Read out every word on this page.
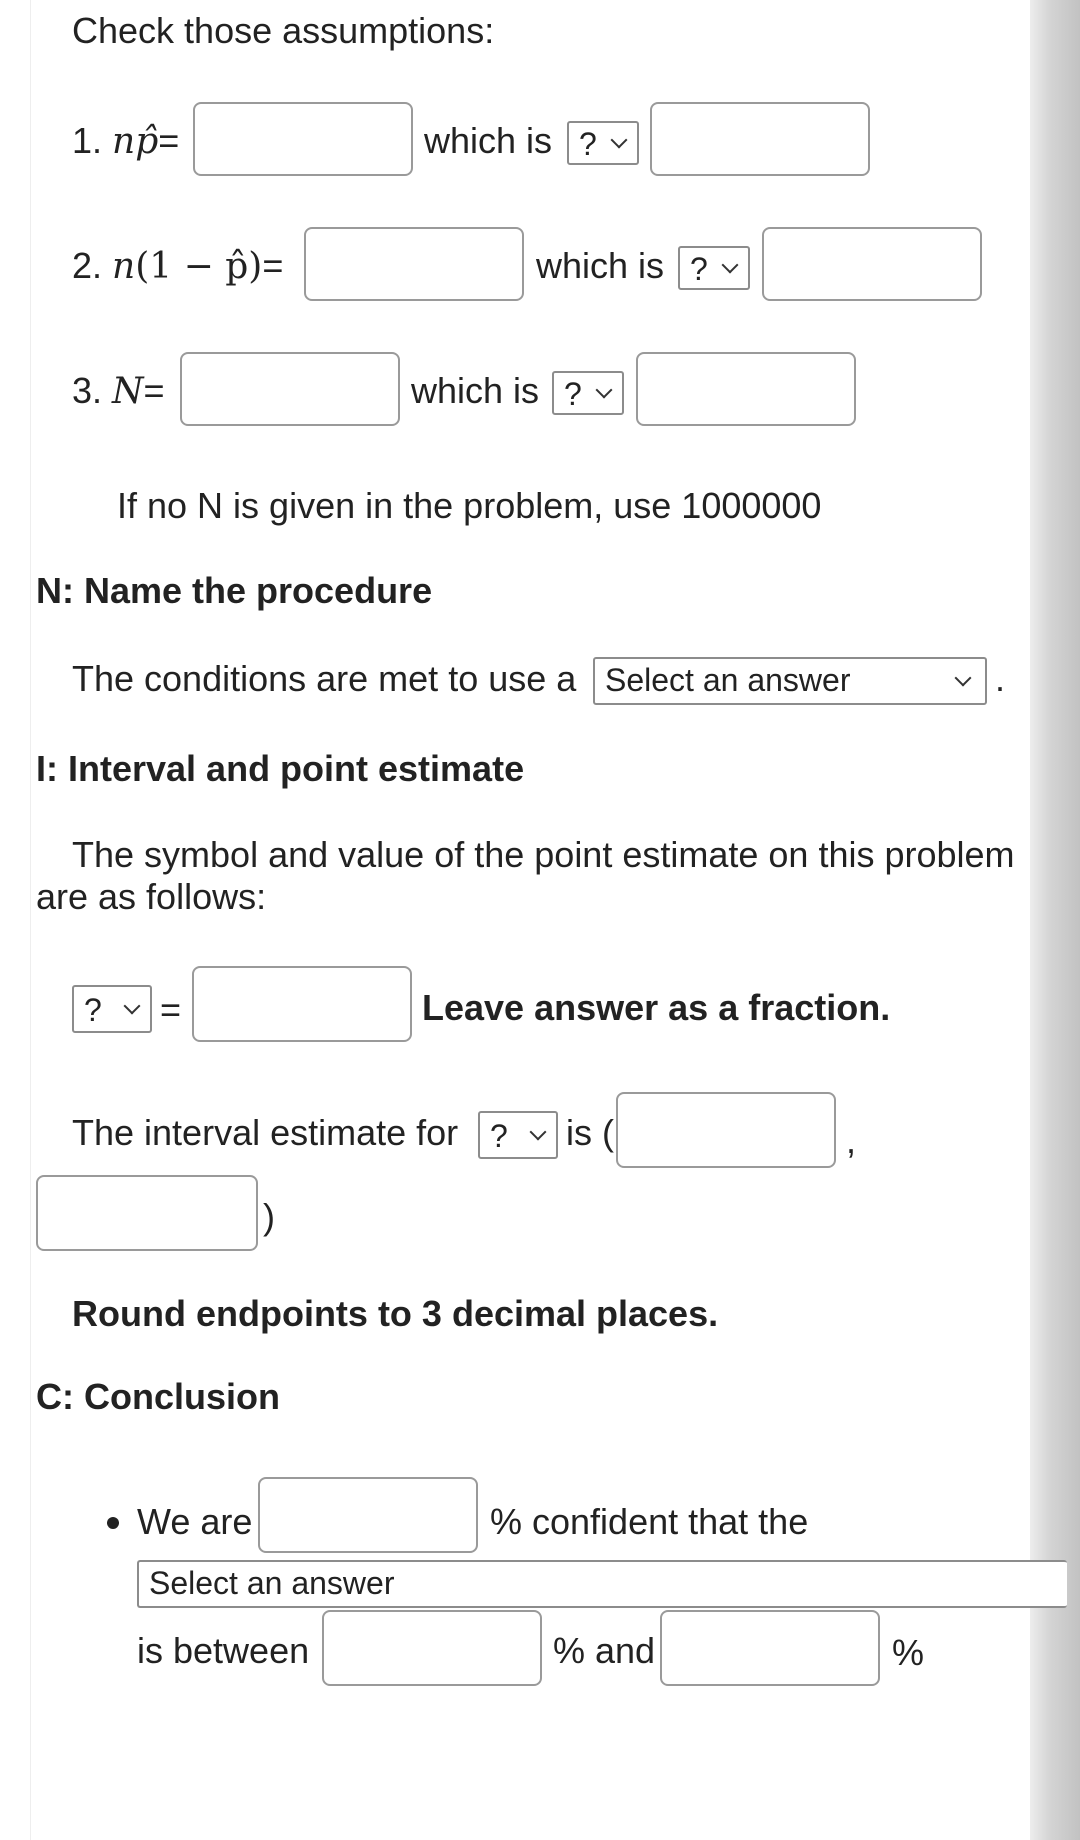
Check those assumptions:
1. np̂=	which is ?
2. n(1 − p̂)=	which is ?
3. N=	which is ?
If no N is given in the problem, use 1000000
N: Name the procedure
The conditions are met to use a Select an answer	.
I: Interval and point estimate
The symbol and value of the point estimate on this problem
are as follows:
? =	Leave answer as a fraction.
The interval estimate for ? is (	,
)
Round endpoints to 3 decimal places.
C: Conclusion
We are	% confident that the
Select an answer
is between	% and	%
